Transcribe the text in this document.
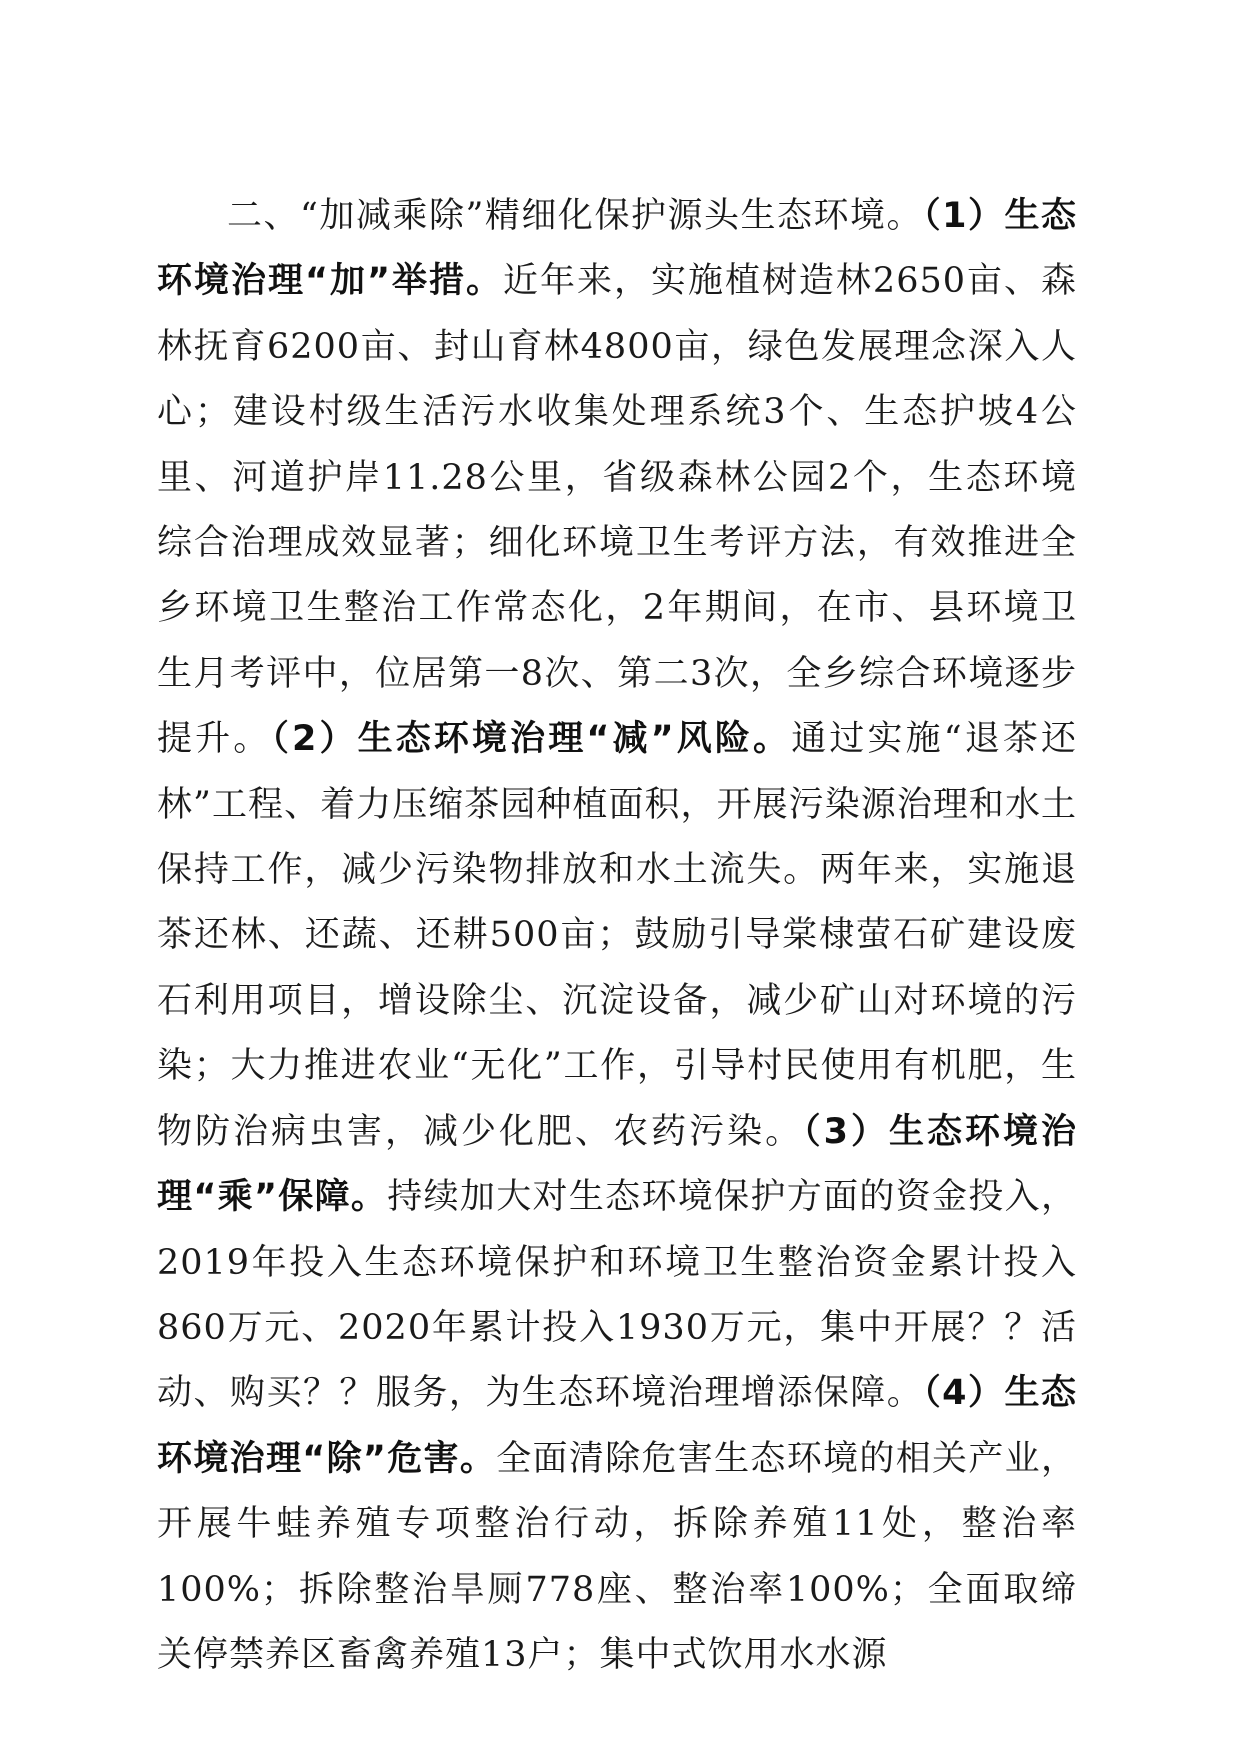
二、“加减乘除”精细化保护源头生态环境。（1）生态环境治理“加”举措。近年来，实施植树造林2650亩、森林抚育6200亩、封山育林4800亩，绿色发展理念深入人心；建设村级生活污水收集处理系统3个、生态护坡4公里、河道护岸11.28公里，省级森林公园2个，生态环境综合治理成效显著；细化环境卫生考评方法，有效推进全乡环境卫生整治工作常态化，2年期间，在市、县环境卫生月考评中，位居第一8次、第二3次，全乡综合环境逐步提升。（2）生态环境治理“减”风险。通过实施“退茶还林”工程、着力压缩茶园种植面积，开展污染源治理和水土保持工作，减少污染物排放和水土流失。两年来，实施退茶还林、还蔬、还耕500亩；鼓励引导棠棣萤石矿建设废石利用项目，增设除尘、沉淀设备，减少矿山对环境的污染；大力推进农业“无化”工作，引导村民使用有机肥，生物防治病虫害，减少化肥、农药污染。（3）生态环境治理“乘”保障。持续加大对生态环境保护方面的资金投入，2019年投入生态环境保护和环境卫生整治资金累计投入860万元、2020年累计投入1930万元，集中开展？？活动、购买？？服务，为生态环境治理增添保障。（4）生态环境治理“除”危害。全面清除危害生态环境的相关产业，开展牛蛙养殖专项整治行动，拆除养殖11处，整治率100%；拆除整治旱厕778座、整治率100%；全面取缔关停禁养区畜禽养殖13户；集中式饮用水水源
